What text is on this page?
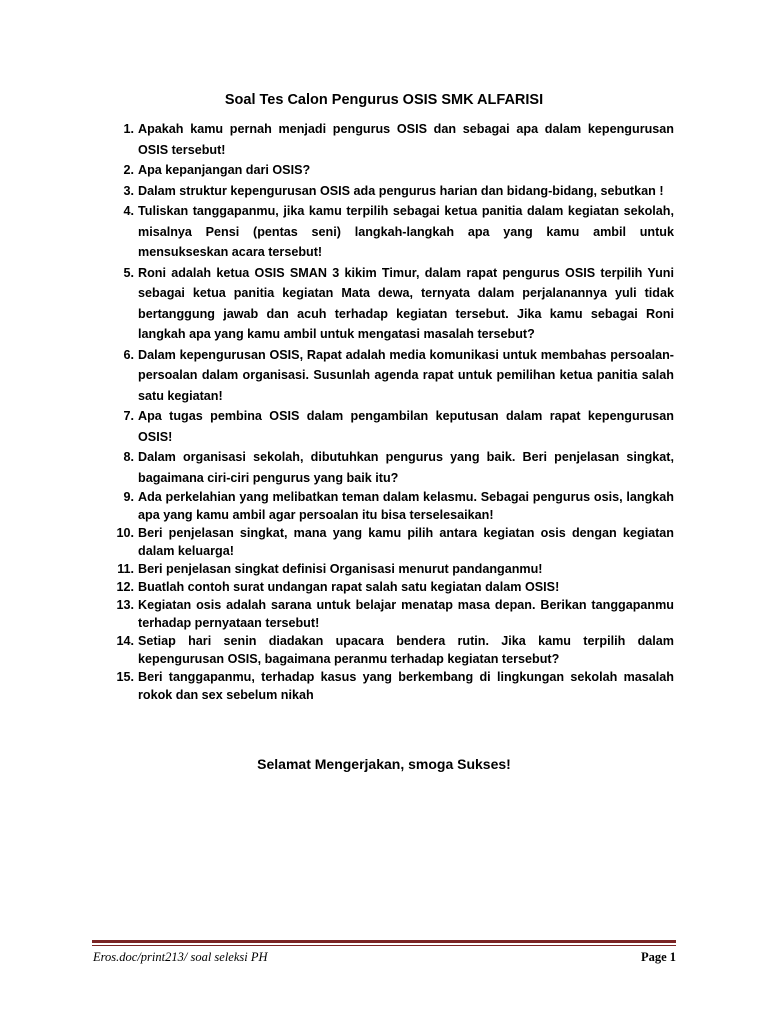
Soal Tes Calon Pengurus OSIS SMK ALFARISI
1. Apakah kamu pernah menjadi pengurus OSIS dan sebagai apa dalam kepengurusan OSIS tersebut!
2. Apa kepanjangan dari OSIS?
3. Dalam struktur kepengurusan OSIS ada pengurus harian dan bidang-bidang, sebutkan !
4. Tuliskan tanggapanmu, jika kamu terpilih sebagai ketua panitia dalam kegiatan sekolah, misalnya Pensi (pentas seni) langkah-langkah apa yang kamu ambil untuk mensukseskan acara tersebut!
5. Roni adalah ketua OSIS SMAN 3 kikim Timur, dalam rapat pengurus OSIS terpilih Yuni sebagai ketua panitia kegiatan Mata dewa, ternyata dalam perjalanannya yuli tidak bertanggung jawab dan acuh terhadap kegiatan tersebut. Jika kamu sebagai Roni langkah apa yang kamu ambil untuk mengatasi masalah tersebut?
6. Dalam kepengurusan OSIS, Rapat adalah media komunikasi untuk membahas persoalan-persoalan dalam organisasi. Susunlah agenda rapat untuk pemilihan ketua panitia salah satu kegiatan!
7. Apa tugas pembina OSIS dalam pengambilan keputusan dalam rapat kepengurusan OSIS!
8. Dalam organisasi sekolah, dibutuhkan pengurus yang baik. Beri penjelasan singkat, bagaimana ciri-ciri pengurus yang baik itu?
9. Ada perkelahian yang melibatkan teman dalam kelasmu. Sebagai pengurus osis, langkah apa yang kamu ambil agar persoalan itu bisa terselesaikan!
10. Beri penjelasan singkat, mana yang kamu pilih antara kegiatan osis dengan kegiatan dalam keluarga!
11. Beri penjelasan singkat definisi Organisasi menurut pandanganmu!
12. Buatlah contoh surat undangan rapat salah satu kegiatan dalam OSIS!
13. Kegiatan osis adalah sarana untuk belajar menatap masa depan. Berikan tanggapanmu terhadap pernyataan tersebut!
14. Setiap hari senin diadakan upacara bendera rutin. Jika kamu terpilih dalam kepengurusan OSIS, bagaimana peranmu terhadap kegiatan tersebut?
15. Beri tanggapanmu, terhadap kasus yang berkembang di lingkungan sekolah masalah rokok dan sex sebelum nikah
Selamat Mengerjakan, smoga Sukses!
Eros.doc/print213/ soal seleksi PH	Page 1
